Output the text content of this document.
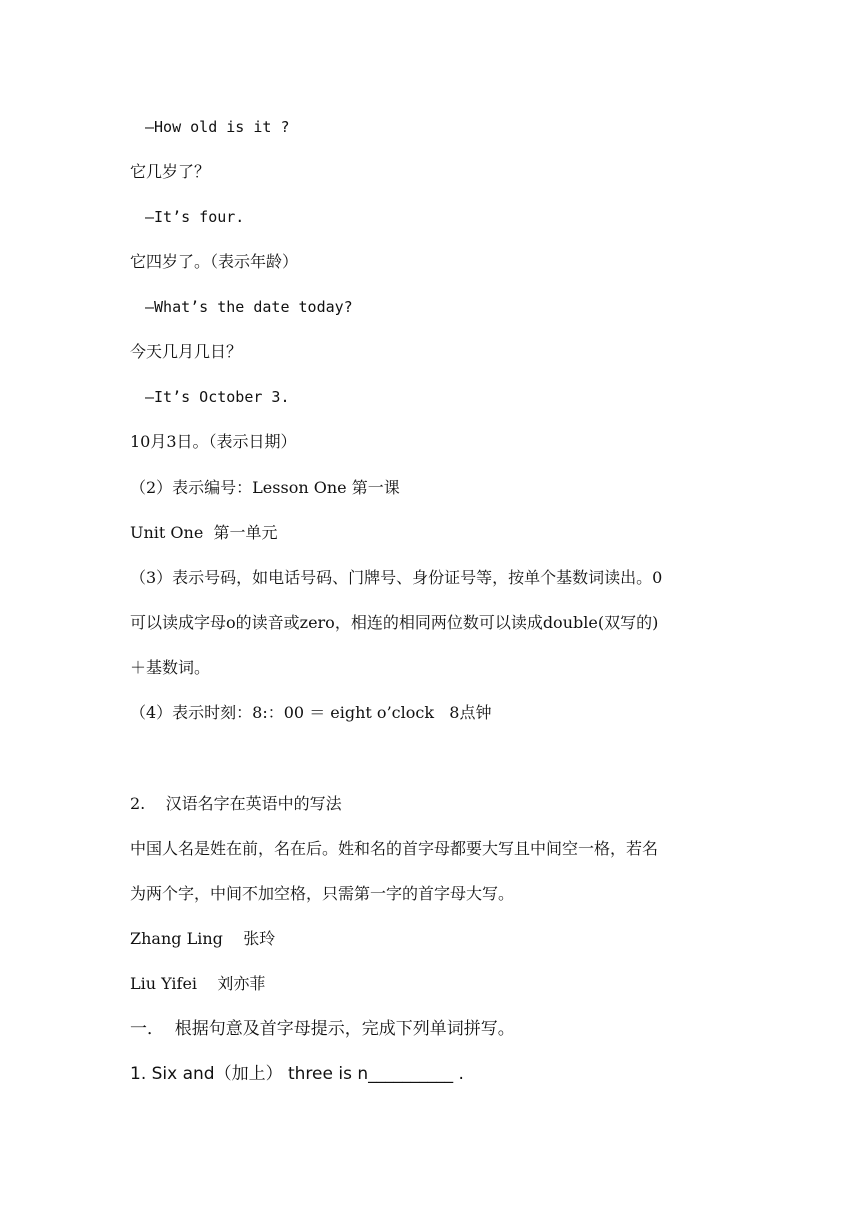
　—How old is it ?
它几岁了？
　—It’s four.
它四岁了。（表示年龄）
　—What’s the date today?
今天几月几日？
　—It’s October 3.
10月3日。（表示日期）
（2）表示编号：Lesson One 第一课
Unit One  第一单元
（3）表示号码，如电话号码、门牌号、身份证号等，按单个基数词读出。0
可以读成字母o的读音或zero，相连的相同两位数可以读成double(双写的)
＋基数词。
（4）表示时刻：8:：00 ＝ eight o’clock   8点钟
2.    汉语名字在英语中的写法
中国人名是姓在前，名在后。姓和名的首字母都要大写且中间空一格，若名
为两个字，中间不加空格，只需第一字的首字母大写。
Zhang Ling    张玲
Liu Yifei    刘亦菲
一．  根据句意及首字母提示，完成下列单词拼写。
1. Six and（加上） three is n__________ .
